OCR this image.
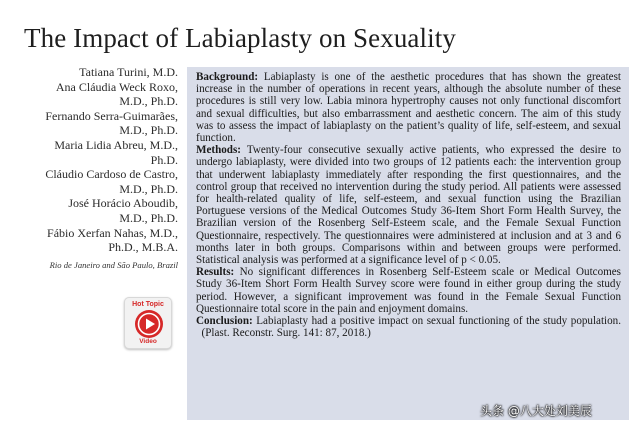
The Impact of Labiaplasty on Sexuality
Tatiana Turini, M.D.
Ana Cláudia Weck Roxo,
M.D., Ph.D.
Fernando Serra-Guimarães,
M.D., Ph.D.
Maria Lidia Abreu, M.D.,
Ph.D.
Cláudio Cardoso de Castro,
M.D., Ph.D.
José Horácio Aboudib,
M.D., Ph.D.
Fábio Xerfan Nahas, M.D.,
Ph.D., M.B.A.
Rio de Janeiro and São Paulo, Brazil
Hot Topic
Video

Background: Labiaplasty is one of the aesthetic procedures that has shown the greatest increase in the number of operations in recent years, although the absolute number of these procedures is still very low. Labia minora hypertrophy causes not only functional discomfort and sexual difficulties, but also embarrassment and aesthetic concern. The aim of this study was to assess the impact of labiaplasty on the patient’s quality of life, self-esteem, and sexual function.

Methods: Twenty-four consecutive sexually active patients, who expressed the desire to undergo labiaplasty, were divided into two groups of 12 patients each: the intervention group that underwent labiaplasty immediately after responding the first questionnaires, and the control group that received no intervention during the study period. All patients were assessed for health-related quality of life, self-esteem, and sexual function using the Brazilian Portuguese versions of the Medical Outcomes Study 36-Item Short Form Health Survey, the Brazilian version of the Rosenberg Self-Esteem scale, and the Female Sexual Function Questionnaire, respectively. The questionnaires were administered at inclusion and at 3 and 6 months later in both groups. Comparisons within and between groups were performed. Statistical analysis was performed at a significance level of p < 0.05.

Results: No significant differences in Rosenberg Self-Esteem scale or Medical Outcomes Study 36-Item Short Form Health Survey score were found in either group during the study period. However, a significant improvement was found in the Female Sexual Function Questionnaire total score in the pain and enjoyment domains.

Conclusion: Labiaplasty had a positive impact on sexual functioning of the study population.   (Plast. Reconstr. Surg. 141: 87, 2018.)

头条 @八大处刘美辰
